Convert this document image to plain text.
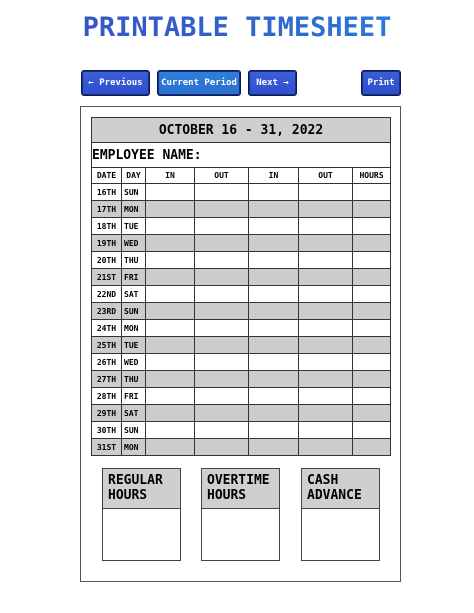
PRINTABLE TIMESHEET
← Previous	Current Period	Next →	Print
OCTOBER 16 - 31, 2022						
EMPLOYEE NAME:						
DATE	DAY	IN	OUT	IN	OUT	HOURS
16TH	SUN					
17TH	MON					
18TH	TUE					
19TH	WED					
20TH	THU					
21ST	FRI					
22ND	SAT					
23RD	SUN					
24TH	MON					
25TH	TUE					
26TH	WED					
27TH	THU					
28TH	FRI					
29TH	SAT					
30TH	SUN					
31ST	MON					
REGULAR
HOURS
OVERTIME
HOURS
CASH
ADVANCE
